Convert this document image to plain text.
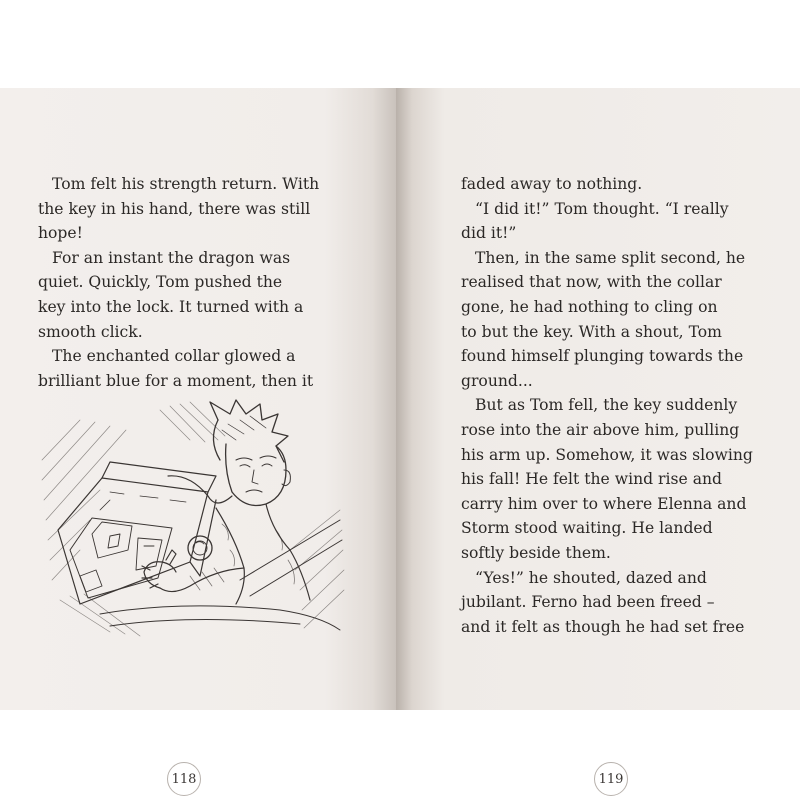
Tom felt his strength return. With

the key in his hand, there was still

hope!

For an instant the dragon was

quiet. Quickly, Tom pushed the

key into the lock. It turned with a

smooth click.

The enchanted collar glowed a

brilliant blue for a moment, then it

118	119

faded away to nothing.

“I did it!” Tom thought. “I really

did it!”

Then, in the same split second, he

realised that now, with the collar

gone, he had nothing to cling on

to but the key. With a shout, Tom

found himself plunging towards the

ground...

But as Tom fell, the key suddenly

rose into the air above him, pulling

his arm up. Somehow, it was slowing

his fall! He felt the wind rise and

carry him over to where Elenna and

Storm stood waiting. He landed

softly beside them.

“Yes!” he shouted, dazed and

jubilant. Ferno had been freed –

and it felt as though he had set free
